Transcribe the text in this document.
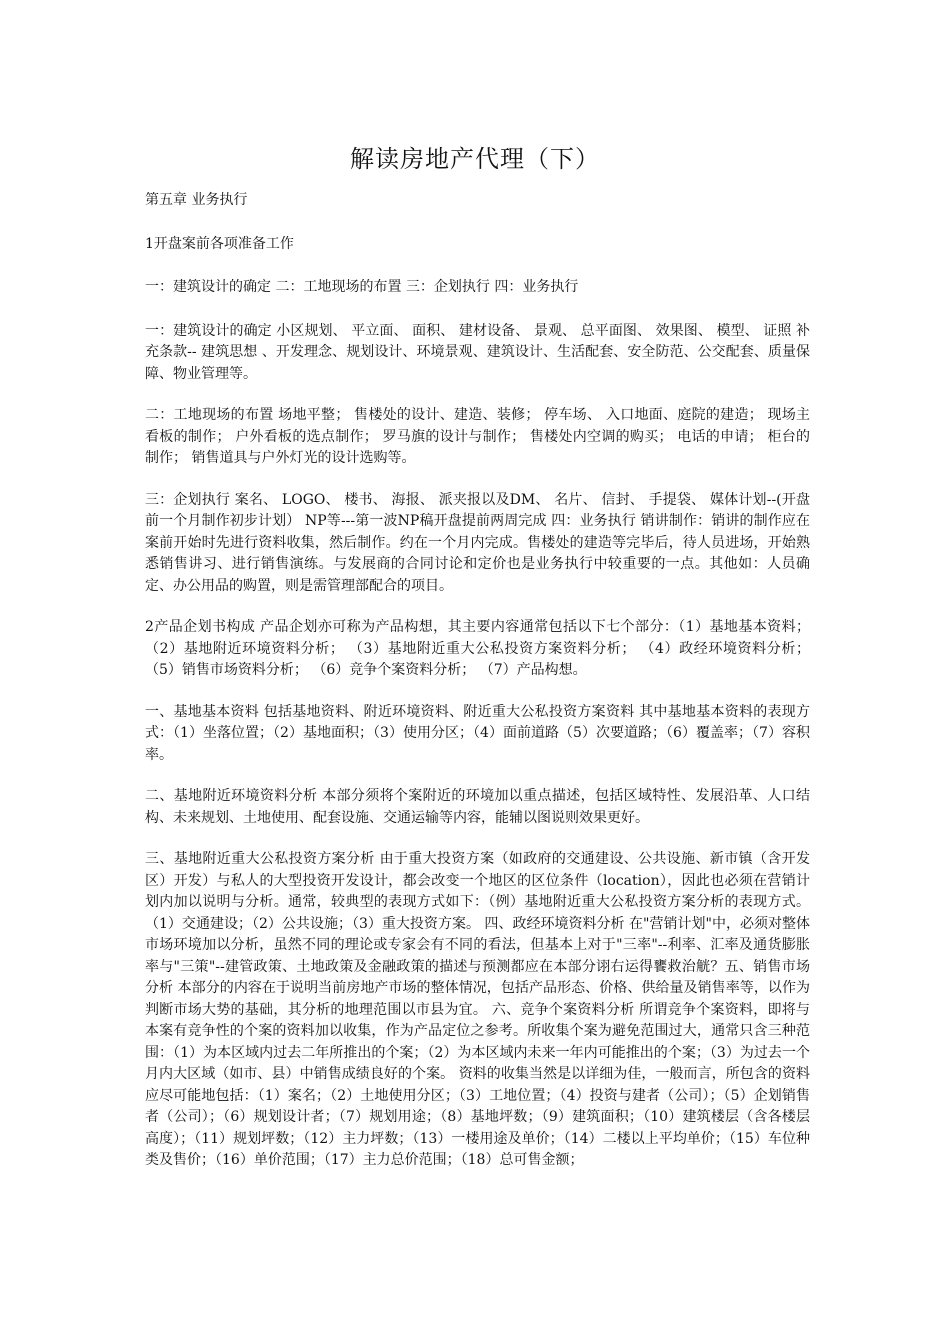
解读房地产代理（下）

第五章 业务执行

1开盘案前各项准备工作

一：建筑设计的确定 二：工地现场的布置 三：企划执行 四：业务执行

一：建筑设计的确定 小区规划、 平立面、 面积、 建材设备、 景观、 总平面图、 效果图、 模型、 证照 补充条款-- 建筑思想 、开发理念、规划设计、环境景观、建筑设计、生活配套、安全防范、公交配套、质量保障、物业管理等。

二：工地现场的布置 场地平整； 售楼处的设计、建造、装修； 停车场、 入口地面、庭院的建造； 现场主看板的制作； 户外看板的选点制作； 罗马旗的设计与制作； 售楼处内空调的购买； 电话的申请； 柜台的制作； 销售道具与户外灯光的设计选购等。

三：企划执行 案名、 LOGO、 楼书、 海报、 派夹报以及DM、 名片、 信封、 手提袋、 媒体计划--(开盘前一个月制作初步计划） NP等---第一波NP稿开盘提前两周完成 四：业务执行 销讲制作：销讲的制作应在案前开始时先进行资料收集，然后制作。约在一个月内完成。售楼处的建造等完毕后，待人员进场，开始熟悉销售讲习、进行销售演练。与发展商的合同讨论和定价也是业务执行中较重要的一点。其他如：人员确定、办公用品的购置，则是需管理部配合的项目。

2产品企划书构成 产品企划亦可称为产品构想，其主要内容通常包括以下七个部分：（1）基地基本资料； （2）基地附近环境资料分析； （3）基地附近重大公私投资方案资料分析； （4）政经环境资料分析； （5）销售市场资料分析； （6）竞争个案资料分析； （7）产品构想。

一、基地基本资料 包括基地资料、附近环境资料、附近重大公私投资方案资料 其中基地基本资料的表现方式：（1）坐落位置；（2）基地面积；（3）使用分区；（4）面前道路（5）次要道路；（6）覆盖率；（7）容积率。

二、基地附近环境资料分析 本部分须将个案附近的环境加以重点描述，包括区域特性、发展沿革、人口结构、未来规划、土地使用、配套设施、交通运输等内容，能辅以图说则效果更好。

三、基地附近重大公私投资方案分析 由于重大投资方案（如政府的交通建设、公共设施、新市镇（含开发区）开发）与私人的大型投资开发设计，都会改变一个地区的区位条件（location），因此也必须在营销计划内加以说明与分析。通常，较典型的表现方式如下：（例）基地附近重大公私投资方案分析的表现方式。 （1）交通建设；（2）公共设施；（3）重大投资方案。 四、政经环境资料分析 在"营销计划"中，必须对整体市场环境加以分析，虽然不同的理论或专家会有不同的看法，但基本上对于"三率"--利率、汇率及通货膨胀率与"三策"--建管政策、土地政策及金融政策的描述与预测都应在本部分诩右运得饔救治觥？五、销售市场分析 本部分的内容在于说明当前房地产市场的整体情况，包括产品形态、价格、供给量及销售率等，以作为判断市场大势的基础，其分析的地理范围以市县为宜。 六、竞争个案资料分析 所谓竞争个案资料，即将与本案有竞争性的个案的资料加以收集，作为产品定位之参考。所收集个案为避免范围过大，通常只含三种范围：（1）为本区域内过去二年所推出的个案；（2）为本区域内未来一年内可能推出的个案；（3）为过去一个月内大区域（如市、县）中销售成绩良好的个案。 资料的收集当然是以详细为佳，一般而言，所包含的资料应尽可能地包括：（1）案名；（2）土地使用分区；（3）工地位置；（4）投资与建者（公司）；（5）企划销售者（公司）；（6）规划设计者；（7）规划用途；（8）基地坪数；（9）建筑面积；（10）建筑楼层（含各楼层高度）；（11）规划坪数；（12）主力坪数；（13）一楼用途及单价；（14）二楼以上平均单价；（15）车位种类及售价；（16）单价范围；（17）主力总价范围；（18）总可售金额；
